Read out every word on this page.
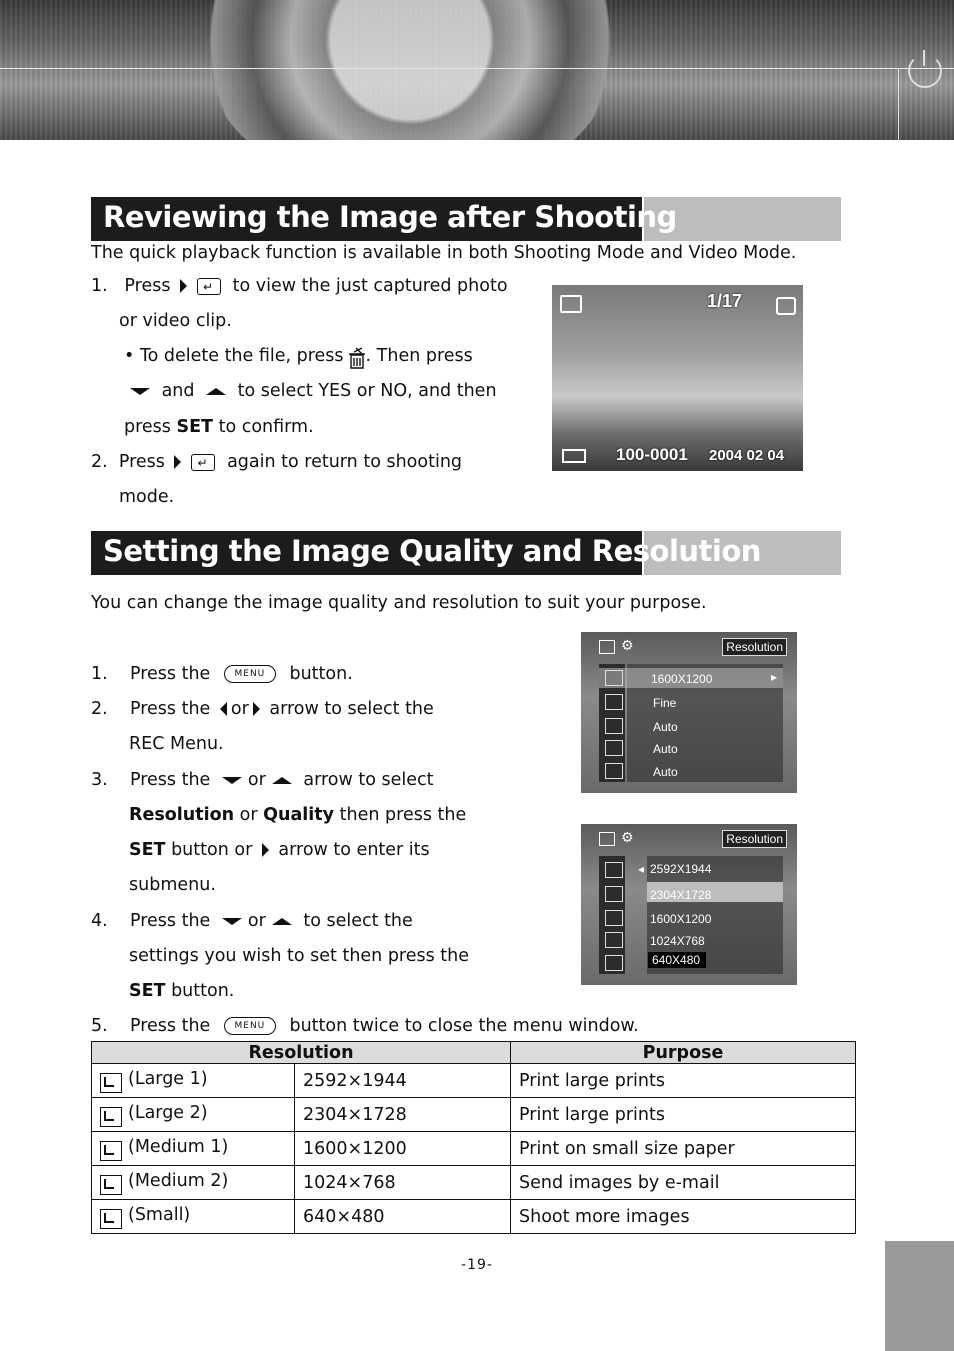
Reviewing the Image after Shooting
The quick playback function is available in both Shooting Mode and Video Mode.
1. Press ↵	to view the just captured photo
or video clip.
• To delete the file, press . Then press
and to select YES or NO, and then
press SET to confirm.
2. Press ↵	again to return to shooting
mode.
1/17
100-0001 2004 02 04
Setting the Image Quality and Resolution
You can change the image quality and resolution to suit your purpose.
1. Press the	MENU button.
2. Press the or arrow to select the
REC Menu.
3. Press the or arrow to select
Resolution or Quality then press the
SET button or arrow to enter its
submenu.
4. Press the or to select the
settings you wish to set then press the
SET button.
5. Press the	MENU button twice to close the menu window.
⚙	Resolution
1600X1200	▸
Fine
Auto
Auto
Auto
⚙	Resolution
◂ 2592X1944
2304X1728
1600X1200
1024X768
640X480
Resolution		Purpose
(Large 1)	2592×1944	Print large prints
(Large 2)	2304×1728	Print large prints
(Medium 1)	1600×1200	Print on small size paper
(Medium 2)	1024×768	Send images by e-mail
(Small)	640×480	Shoot more images
-19-
